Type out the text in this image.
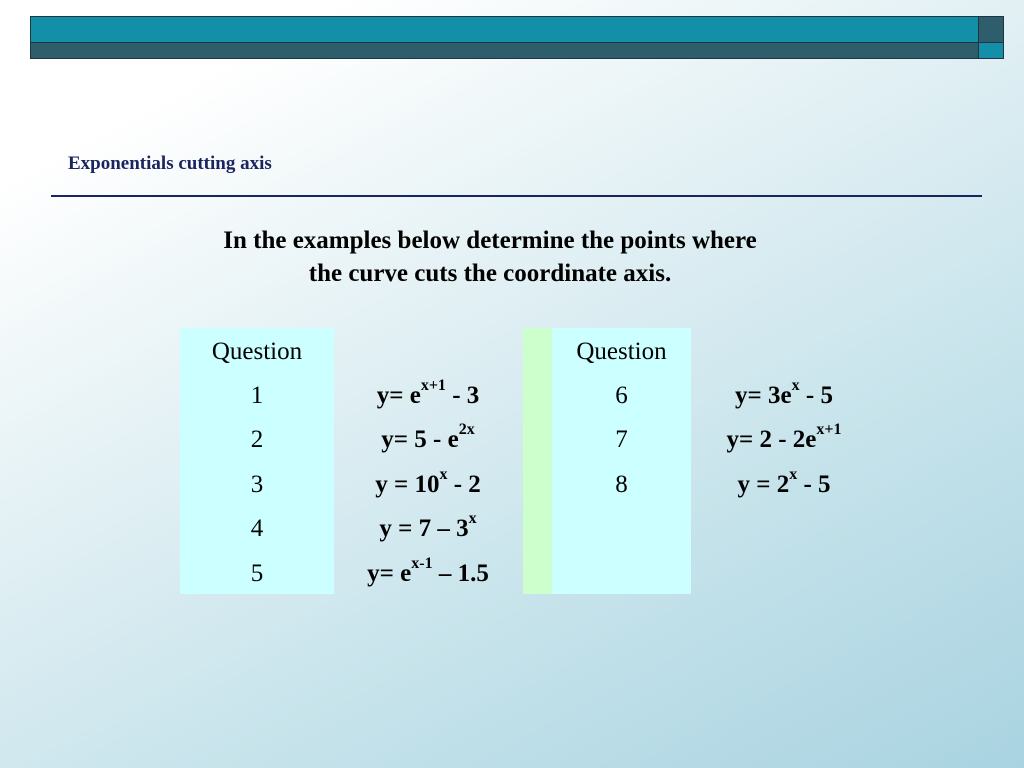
Exponentials cutting axis
In the examples below determine the points where
the curve cuts the coordinate axis.
Question
1
2
3
4
5
$y= e^{x+1} - 3$
$y= 5 - e^{2x}$
$y = 10^x - 2$
y = 7 – 3$^x$
$y= e^{x-1} - 1.5$
Question
6
7
8
$y= 3e^x - 5$
$y= 2 - 2e^{x+1}$
$y = 2^x - 5$
